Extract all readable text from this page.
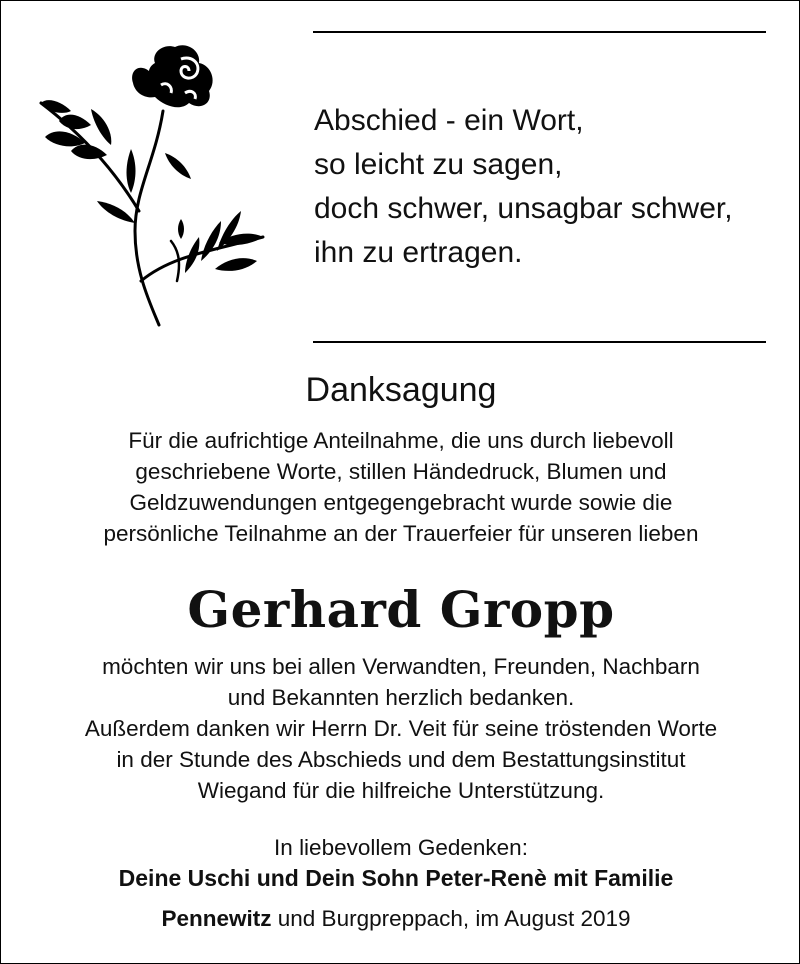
Abschied - ein Wort,
so leicht zu sagen,
doch schwer, unsagbar schwer,
ihn zu ertragen.
Danksagung
Für die aufrichtige Anteilnahme, die uns durch liebevoll
geschriebene Worte, stillen Händedruck, Blumen und
Geldzuwendungen entgegengebracht wurde sowie die
persönliche Teilnahme an der Trauerfeier für unseren lieben
Gerhard Gropp
möchten wir uns bei allen Verwandten, Freunden, Nachbarn
und Bekannten herzlich bedanken.
Außerdem danken wir Herrn Dr. Veit für seine tröstenden Worte
in der Stunde des Abschieds und dem Bestattungsinstitut
Wiegand für die hilfreiche Unterstützung.
In liebevollem Gedenken:
Deine Uschi und Dein Sohn Peter-Renè mit Familie
Pennewitz und Burgpreppach, im August 2019
